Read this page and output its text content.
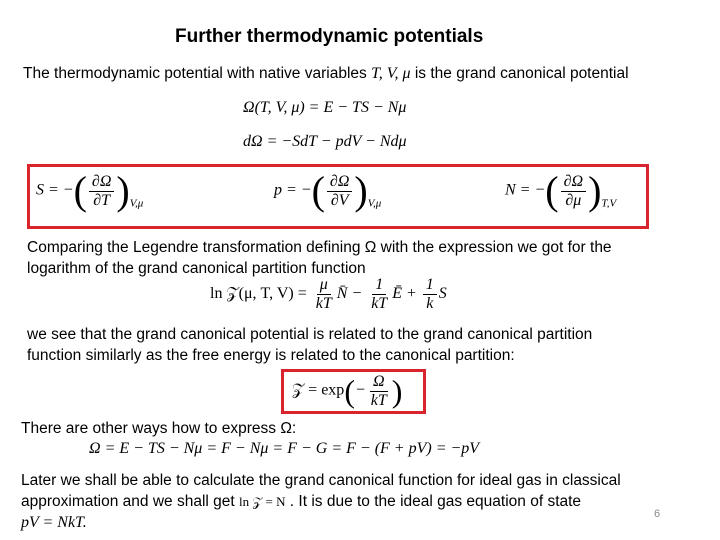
Further thermodynamic potentials
The thermodynamic potential with native variables T, V, μ is the grand canonical potential
Ω(T, V, μ) = E − TS − Nμ
dΩ = −SdT − pdV − Ndμ
S = −( $\frac{\partial\Omega}{\partial T} )_{V,\mu}$
p = −( $\frac{\partial\Omega}{\partial V} )_{V,\mu}$
N = −( $\frac{\partial\Omega}{\partial\mu} )_{T,V}$
Comparing the Legendre transformation defining Ω with the expression we got for the
logarithm of the grand canonical partition function
ln 𝒵(μ, T, $V) = \frac{\mu}{kT}$ N̄ − $\frac{1}{kT}$ Ē + $\frac{1}{k}$ S
we see that the grand canonical potential is related to the grand canonical partition
function similarly as the free energy is related to the canonical partition:
𝒵 = $\exp(- \frac{\Omega}{kT}$ )
There are other ways how to express Ω:
Ω = E − TS − Nμ = F − Nμ = F − G = F − (F + pV) = −pV
Later we shall be able to calculate the grand canonical function for ideal gas in classical
approximation and we shall get ln 𝒵 = N . It is due to the ideal gas equation of state
pV = NkT.	6
